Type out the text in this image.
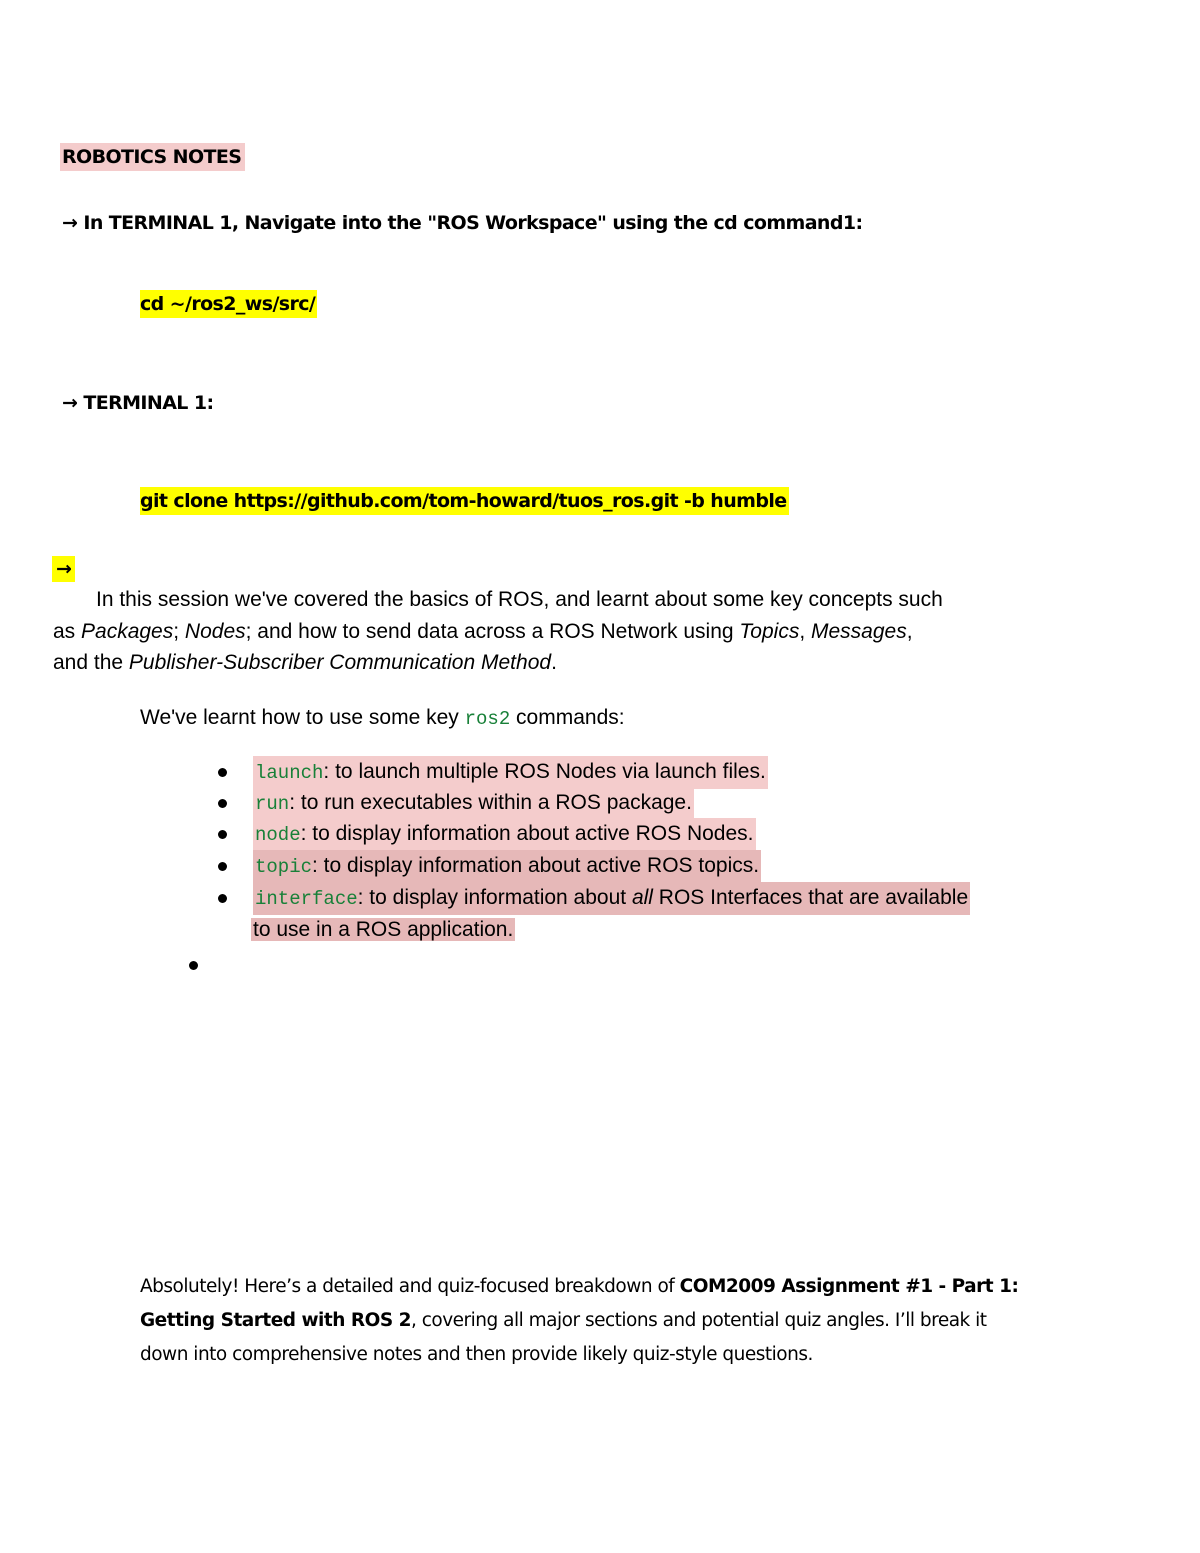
ROBOTICS NOTES
→ In TERMINAL 1, Navigate into the "ROS Workspace" using the cd command1:
cd ~/ros2_ws/src/
→ TERMINAL 1:
git clone https://github.com/tom-howard/tuos_ros.git -b humble
→
In this session we've covered the basics of ROS, and learnt about some key concepts such
as Packages; Nodes; and how to send data across a ROS Network using Topics, Messages,
and the Publisher-Subscriber Communication Method.
We've learnt how to use some key ros2 commands:
launch: to launch multiple ROS Nodes via launch files.
run: to run executables within a ROS package.
node: to display information about active ROS Nodes.
topic: to display information about active ROS topics.
interface: to display information about all ROS Interfaces that are available
to use in a ROS application.
Absolutely! Here’s a detailed and quiz-focused breakdown of COM2009 Assignment #1 - Part 1:
Getting Started with ROS 2, covering all major sections and potential quiz angles. I’ll break it
down into comprehensive notes and then provide likely quiz-style questions.
